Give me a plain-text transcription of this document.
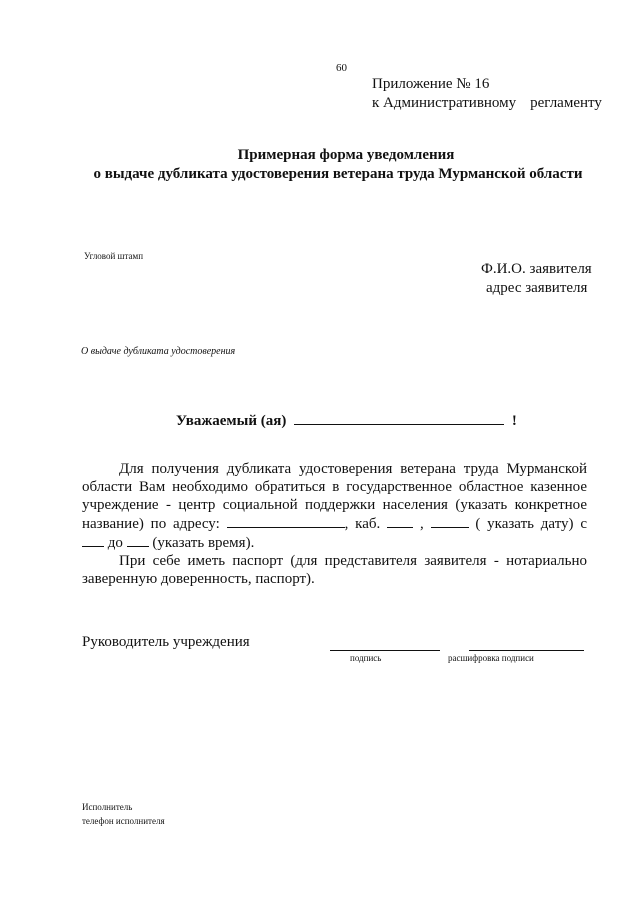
60
Приложение № 16
к Административному регламенту
Примерная форма уведомления
о выдаче дубликата удостоверения ветерана труда Мурманской области
Угловой штамп
Ф.И.О. заявителя
адрес заявителя
О выдаче дубликата удостоверения
Уважаемый (ая)	!

Для получения дубликата удостоверения ветерана труда Мурманской

области Вам необходимо обратиться в государственное областное казенное

учреждение - центр социальной поддержки населения (указать конкретное

название) по адресу:	, каб.	,	( указать дату) с

до (указать время).

При себе иметь паспорт (для представителя заявителя - нотариально

заверенную доверенность, паспорт).

Руководитель учреждения
подпись	расшифровка подписи
Исполнитель
телефон исполнителя
